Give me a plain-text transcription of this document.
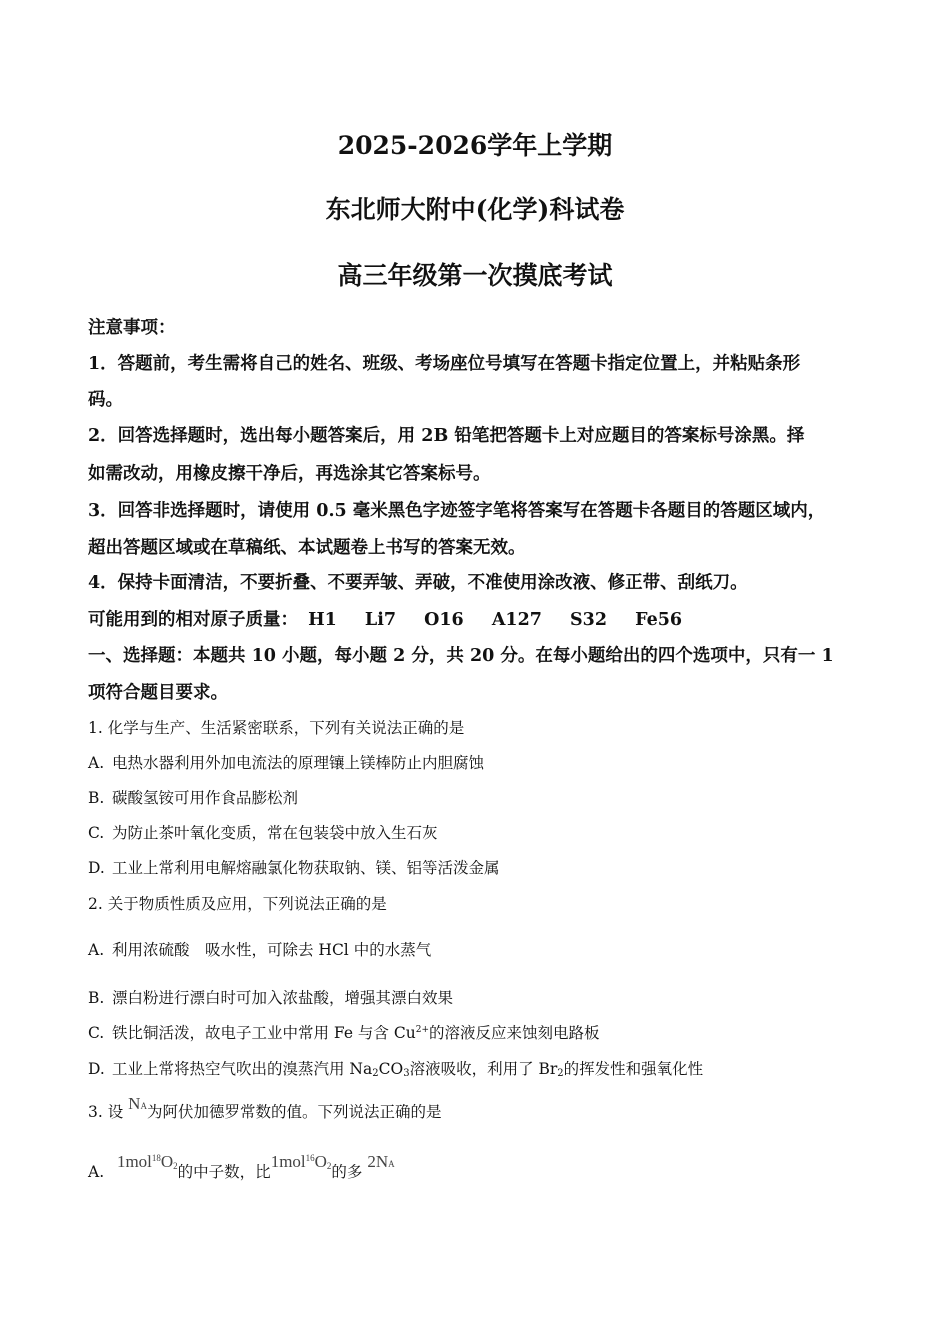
2025-2026学年上学期
东北师大附中(化学)科试卷
高三年级第一次摸底考试
注意事项：
1．答题前，考生需将自己的姓名、班级、考场座位号填写在答题卡指定位置上，并粘贴条形
码。
2．回答选择题时，选出每小题答案后，用 2B 铅笔把答题卡上对应题目的答案标号涂黑。择
如需改动，用橡皮擦干净后，再选涂其它答案标号。
3．回答非选择题时，请使用 0.5 毫米黑色字迹签字笔将答案写在答题卡各题目的答题区域内，
超出答题区域或在草稿纸、本试题卷上书写的答案无效。
4．保持卡面清洁，不要折叠、不要弄皱、弄破，不准使用涂改液、修正带、刮纸刀。
可能用到的相对原子质量： H1 Li7 O16 A127 S32 Fe56
一、选择题：本题共 10 小题，每小题 2 分，共 20 分。在每小题给出的四个选项中，只有一 1
项符合题目要求。
1. 化学与生产、生活紧密联系，下列有关说法正确的是
A. 电热水器利用外加电流法的原理镶上镁棒防止内胆腐蚀
B. 碳酸氢铵可用作食品膨松剂
C. 为防止茶叶氧化变质，常在包装袋中放入生石灰
D. 工业上常利用电解熔融氯化物获取钠、镁、铝等活泼金属
2. 关于物质性质及应用，下列说法正确的是
A. 利用浓硫酸　吸水性，可除去 HCl 中的水蒸气
B. 漂白粉进行漂白时可加入浓盐酸，增强其漂白效果
C. 铁比铜活泼，故电子工业中常用 Fe 与含 $Cu^{2+}$的溶液反应来蚀刻电路板
D. 工业上常将热空气吹出的溴蒸汽用 $Na_2CO_3$溶液吸收，利用了 $Br_2$的挥发性和强氧化性
3. 设 NA为阿伏加德罗常数的值。下列说法正确的是
A. $1mol^{18}O_2$的中子数，比$1mol^{16}O_2$的多 2NA
